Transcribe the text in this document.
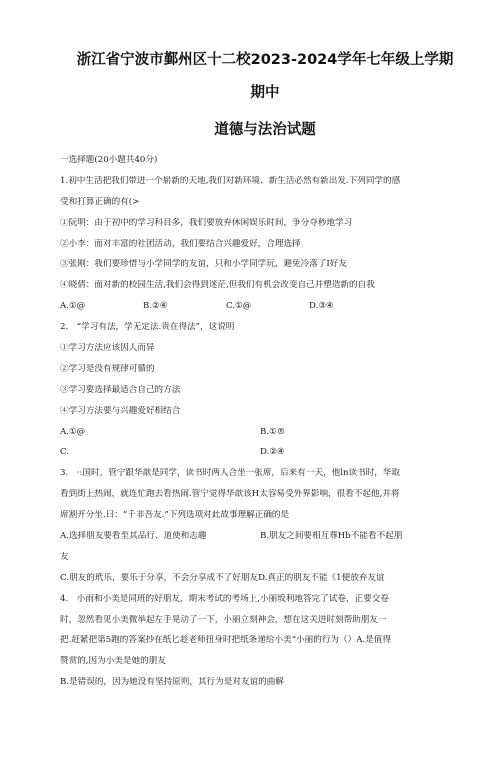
浙江省宁波市鄞州区十二校2023-2024学年七年级上学期
期中
道德与法治试题
一选择题(20小题共40分)
1.初中生活把我们带进一个崭新的天地,我们对新环境、新生活必然有新出发.下列同学的感
受和打算正确的有(>
①阮明：由于初中的学习科目多，我们要放弃休闲娱乐时间，争分夺秒地学习
②小李：面对丰富的社团活动，我们要结合兴趣爱好，合理选择
③张刚：我们要珍惜与小学同学的友谊，只和小学同学玩，避免冷落了I好友
④晓倩：面对新的校园生活,我们会得到迷茫,但我们有机会改变自己并塑造新的自我
A.①@	B.②④	C.①@	D.③④
2.　“学习有法，学无定法.贵在得法”，这说明
①学习方法应该因人而异
②学习是没有规律可循的
③学习要选择最适合自己的方法
④学习方法要与兴趣爱好相结合
A.①@	B.①®
C.	D.②④
3.　·:国时，管宁跟华歆是同学，读书时两人合坐一张席，后来有一天，他ln读书时，华取
看到街上热闹，就连忙跑去看热闹.管宁觉得华歆该H太容易受外界影响，很看不起他,并将
席割开分坐.曰：“千非吾友.”下列选项对此故事理解正确的是
A.选择朋友要看至其品行、道使和志趣	B.朋友之间要相互尊Hb不能看不起朋
友
C.朋友的玳乐，要乐于分享，不会分享成不了好朋友D.真正的朋友不能《1便放弃友谊
4.　小雨和小美是同班的好朋友，期末考试的考场上,小丽坂利地答完了试卷，正要交卷
时，忽然看见小美微举起左手晃动了一下，小丽立刻神会，想在这关进时刻帮助朋友一
把.赶紧把第5跑的答案抄在纸匕趁老师扭身时把纸条递给小美“小丽的行为（）A.是值得
赞赏的,因为小美是她的朋友
B.是错误的，因为她没有坚持原则，其行为是对友谊的曲解
